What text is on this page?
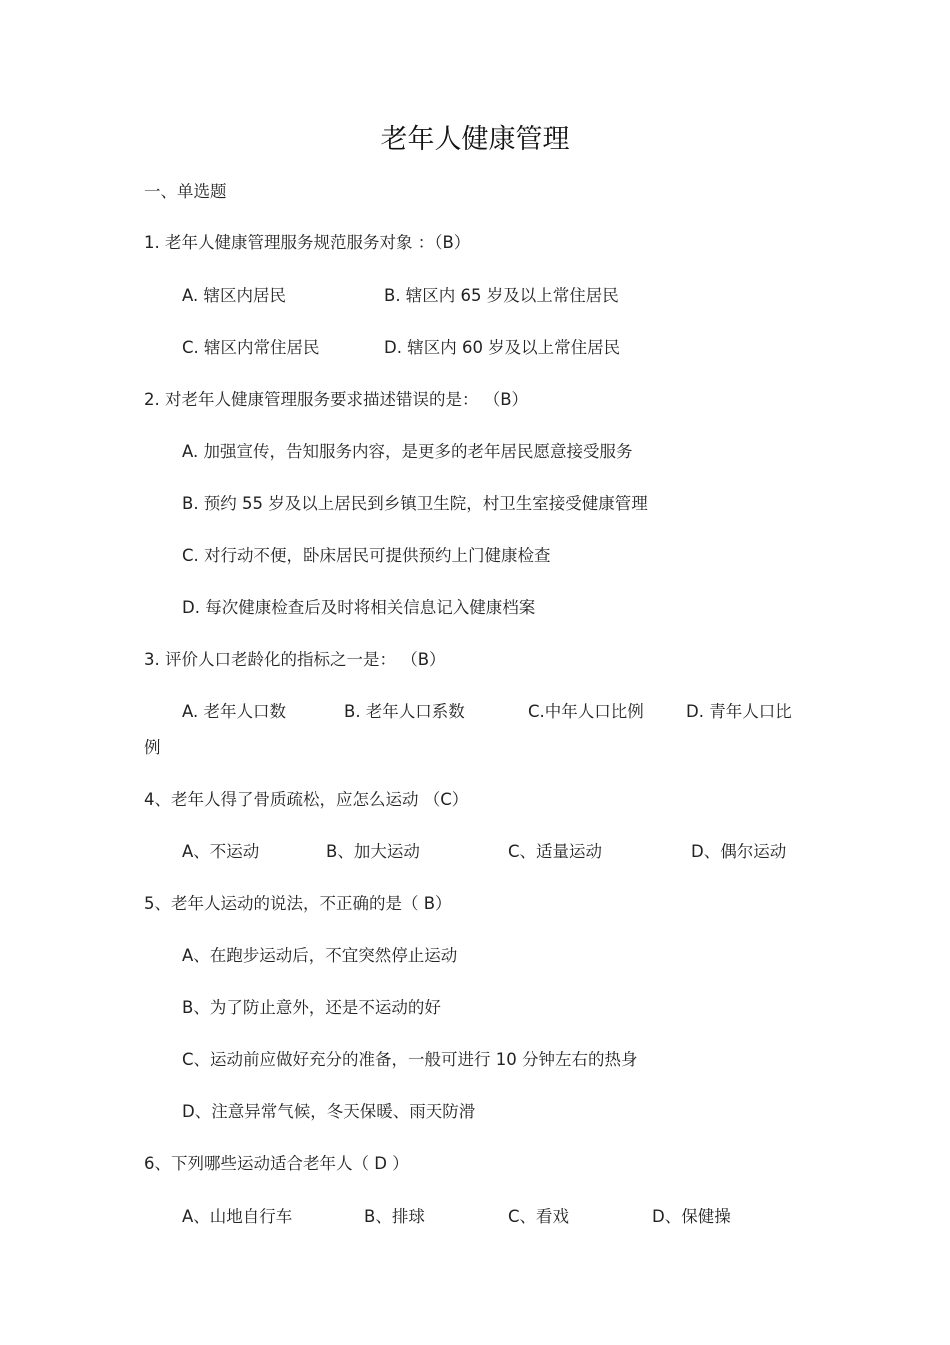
老年人健康管理
一、单选题
1. 老年人健康管理服务规范服务对象 ：（B）
A. 辖区内居民	B. 辖区内 65 岁及以上常住居民
C. 辖区内常住居民	D. 辖区内 60 岁及以上常住居民
2. 对老年人健康管理服务要求描述错误的是： （B）
A. 加强宣传，告知服务内容，是更多的老年居民愿意接受服务
B. 预约 55 岁及以上居民到乡镇卫生院，村卫生室接受健康管理
C. 对行动不便，卧床居民可提供预约上门健康检查
D. 每次健康检查后及时将相关信息记入健康档案
3. 评价人口老龄化的指标之一是： （B）
A. 老年人口数	B. 老年人口系数	C.中年人口比例	D. 青年人口比
例
4、老年人得了骨质疏松，应怎么运动 （C）
A、不运动	B、加大运动	C、适量运动	D、偶尔运动
5、老年人运动的说法，不正确的是（ B）
A、在跑步运动后，不宜突然停止运动
B、为了防止意外，还是不运动的好
C、运动前应做好充分的准备，一般可进行 10 分钟左右的热身
D、注意异常气候，冬天保暖、雨天防滑
6、下列哪些运动适合老年人（ D ）
A、山地自行车	B、排球	C、看戏	D、保健操
